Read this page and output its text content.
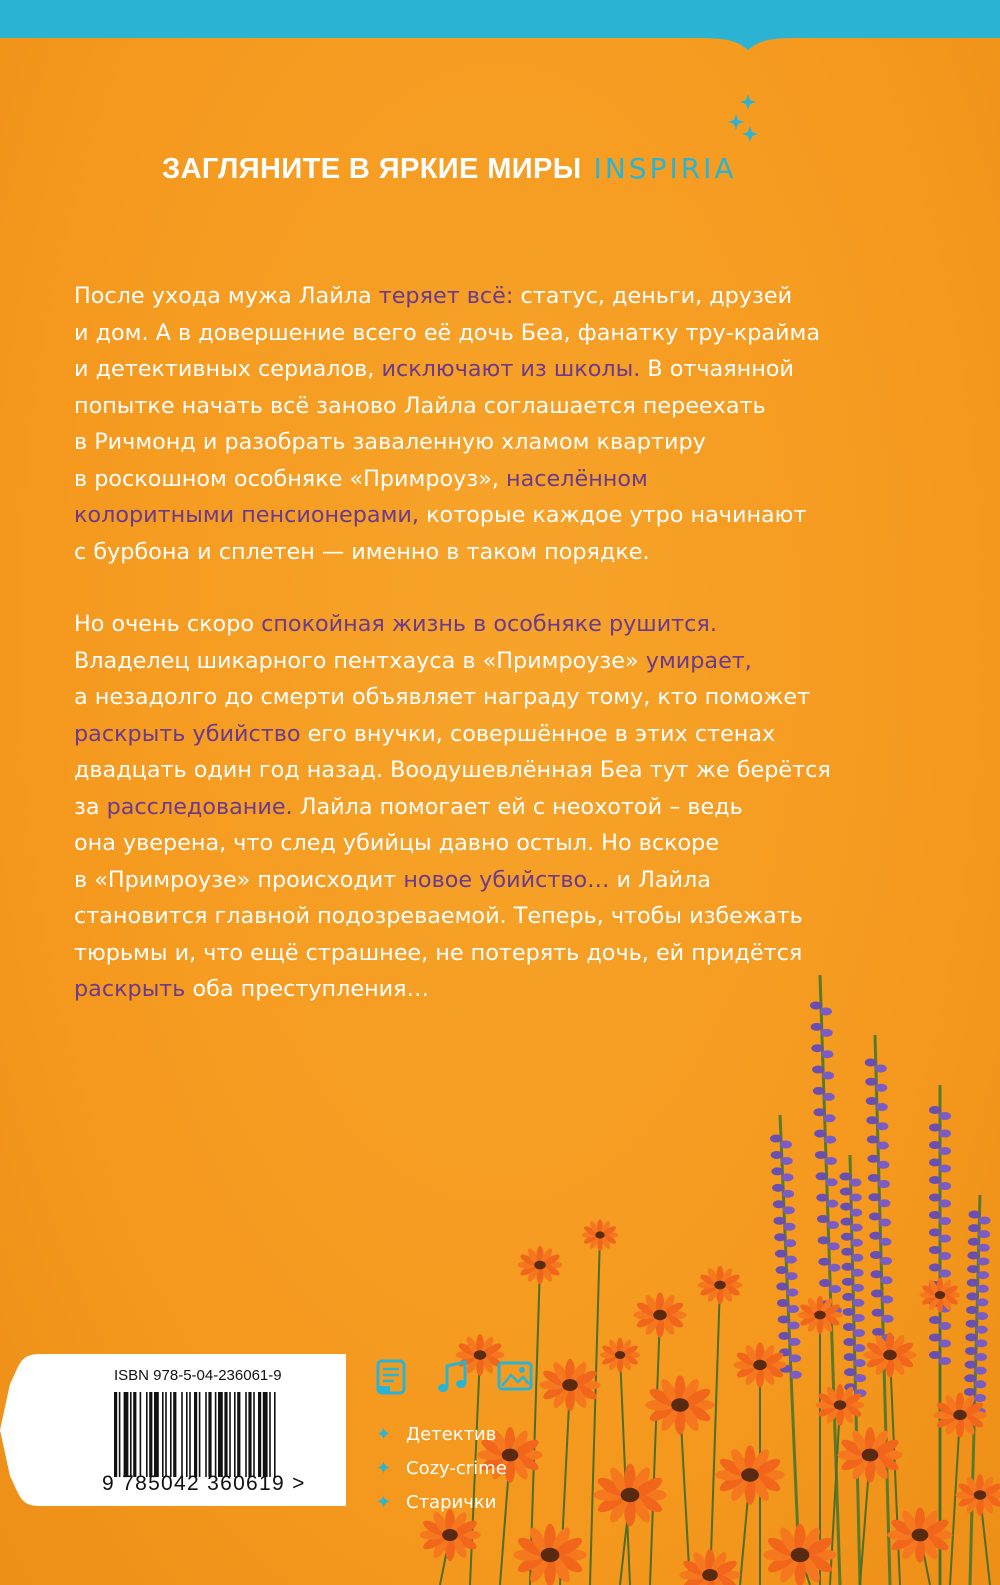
ЗАГЛЯНИТЕ В ЯРКИЕ МИРЫ INSPIRIA
После ухода мужа Лайла теряет всё: статус, деньги, друзей
и дом. А в довершение всего её дочь Беа, фанатку тру-крайма
и детективных сериалов, исключают из школы. В отчаянной
попытке начать всё заново Лайла соглашается переехать
в Ричмонд и разобрать заваленную хламом квартиру
в роскошном особняке «Примроуз», населённом
колоритными пенсионерами, которые каждое утро начинают
с бурбона и сплетен — именно в таком порядке.
Но очень скоро спокойная жизнь в особняке рушится.
Владелец шикарного пентхауса в «Примроузе» умирает,
а незадолго до смерти объявляет награду тому, кто поможет
раскрыть убийство его внучки, совершённое в этих стенах
двадцать один год назад. Воодушевлённая Беа тут же берётся
за расследование. Лайла помогает ей с неохотой – ведь
она уверена, что след убийцы давно остыл. Но вскоре
в «Примроузе» происходит новое убийство… и Лайла
становится главной подозреваемой. Теперь, чтобы избежать
тюрьмы и, что ещё страшнее, не потерять дочь, ей придётся
раскрыть оба преступления…
ISBN 978-5-04-236061-9
9 785042 360619 >
✦ Детектив
✦ Cozy-crime
✦ Старички
